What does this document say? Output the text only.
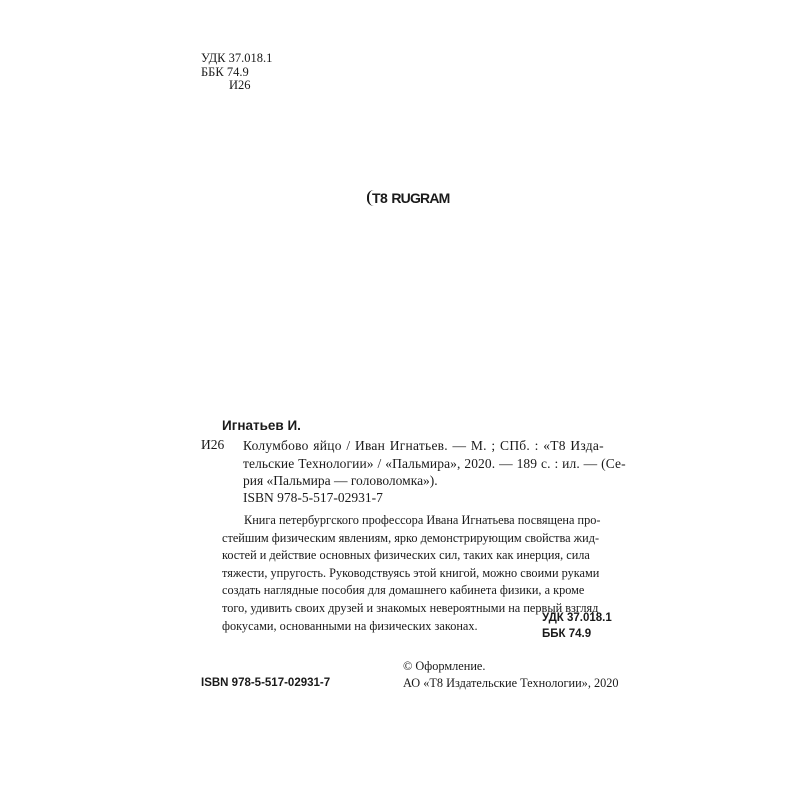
УДК 37.018.1
ББК 74.9
И26
T8 RUGRAM
Игнатьев И.
И26 Колумбово яйцо / Иван Игнатьев. — М. ; СПб. : «Т8 Изда-
тельские Технологии» / «Пальмира», 2020. — 189 с. : ил. — (Се-
рия «Пальмира — головоломка»).
ISBN 978-5-517-02931-7
Книга петербургского профессора Ивана Игнатьева посвящена про-
стейшим физическим явлениям, ярко демонстрирующим свойства жид-
костей и действие основных физических сил, таких как инерция, сила
тяжести, упругость. Руководствуясь этой книгой, можно своими руками
создать наглядные пособия для домашнего кабинета физики, а кроме
того, удивить своих друзей и знакомых невероятными на первый взгляд
фокусами, основанными на физических законах.
УДК 37.018.1
ББК 74.9
ISBN 978-5-517-02931-7
© Оформление.
АО «Т8 Издательские Технологии», 2020
